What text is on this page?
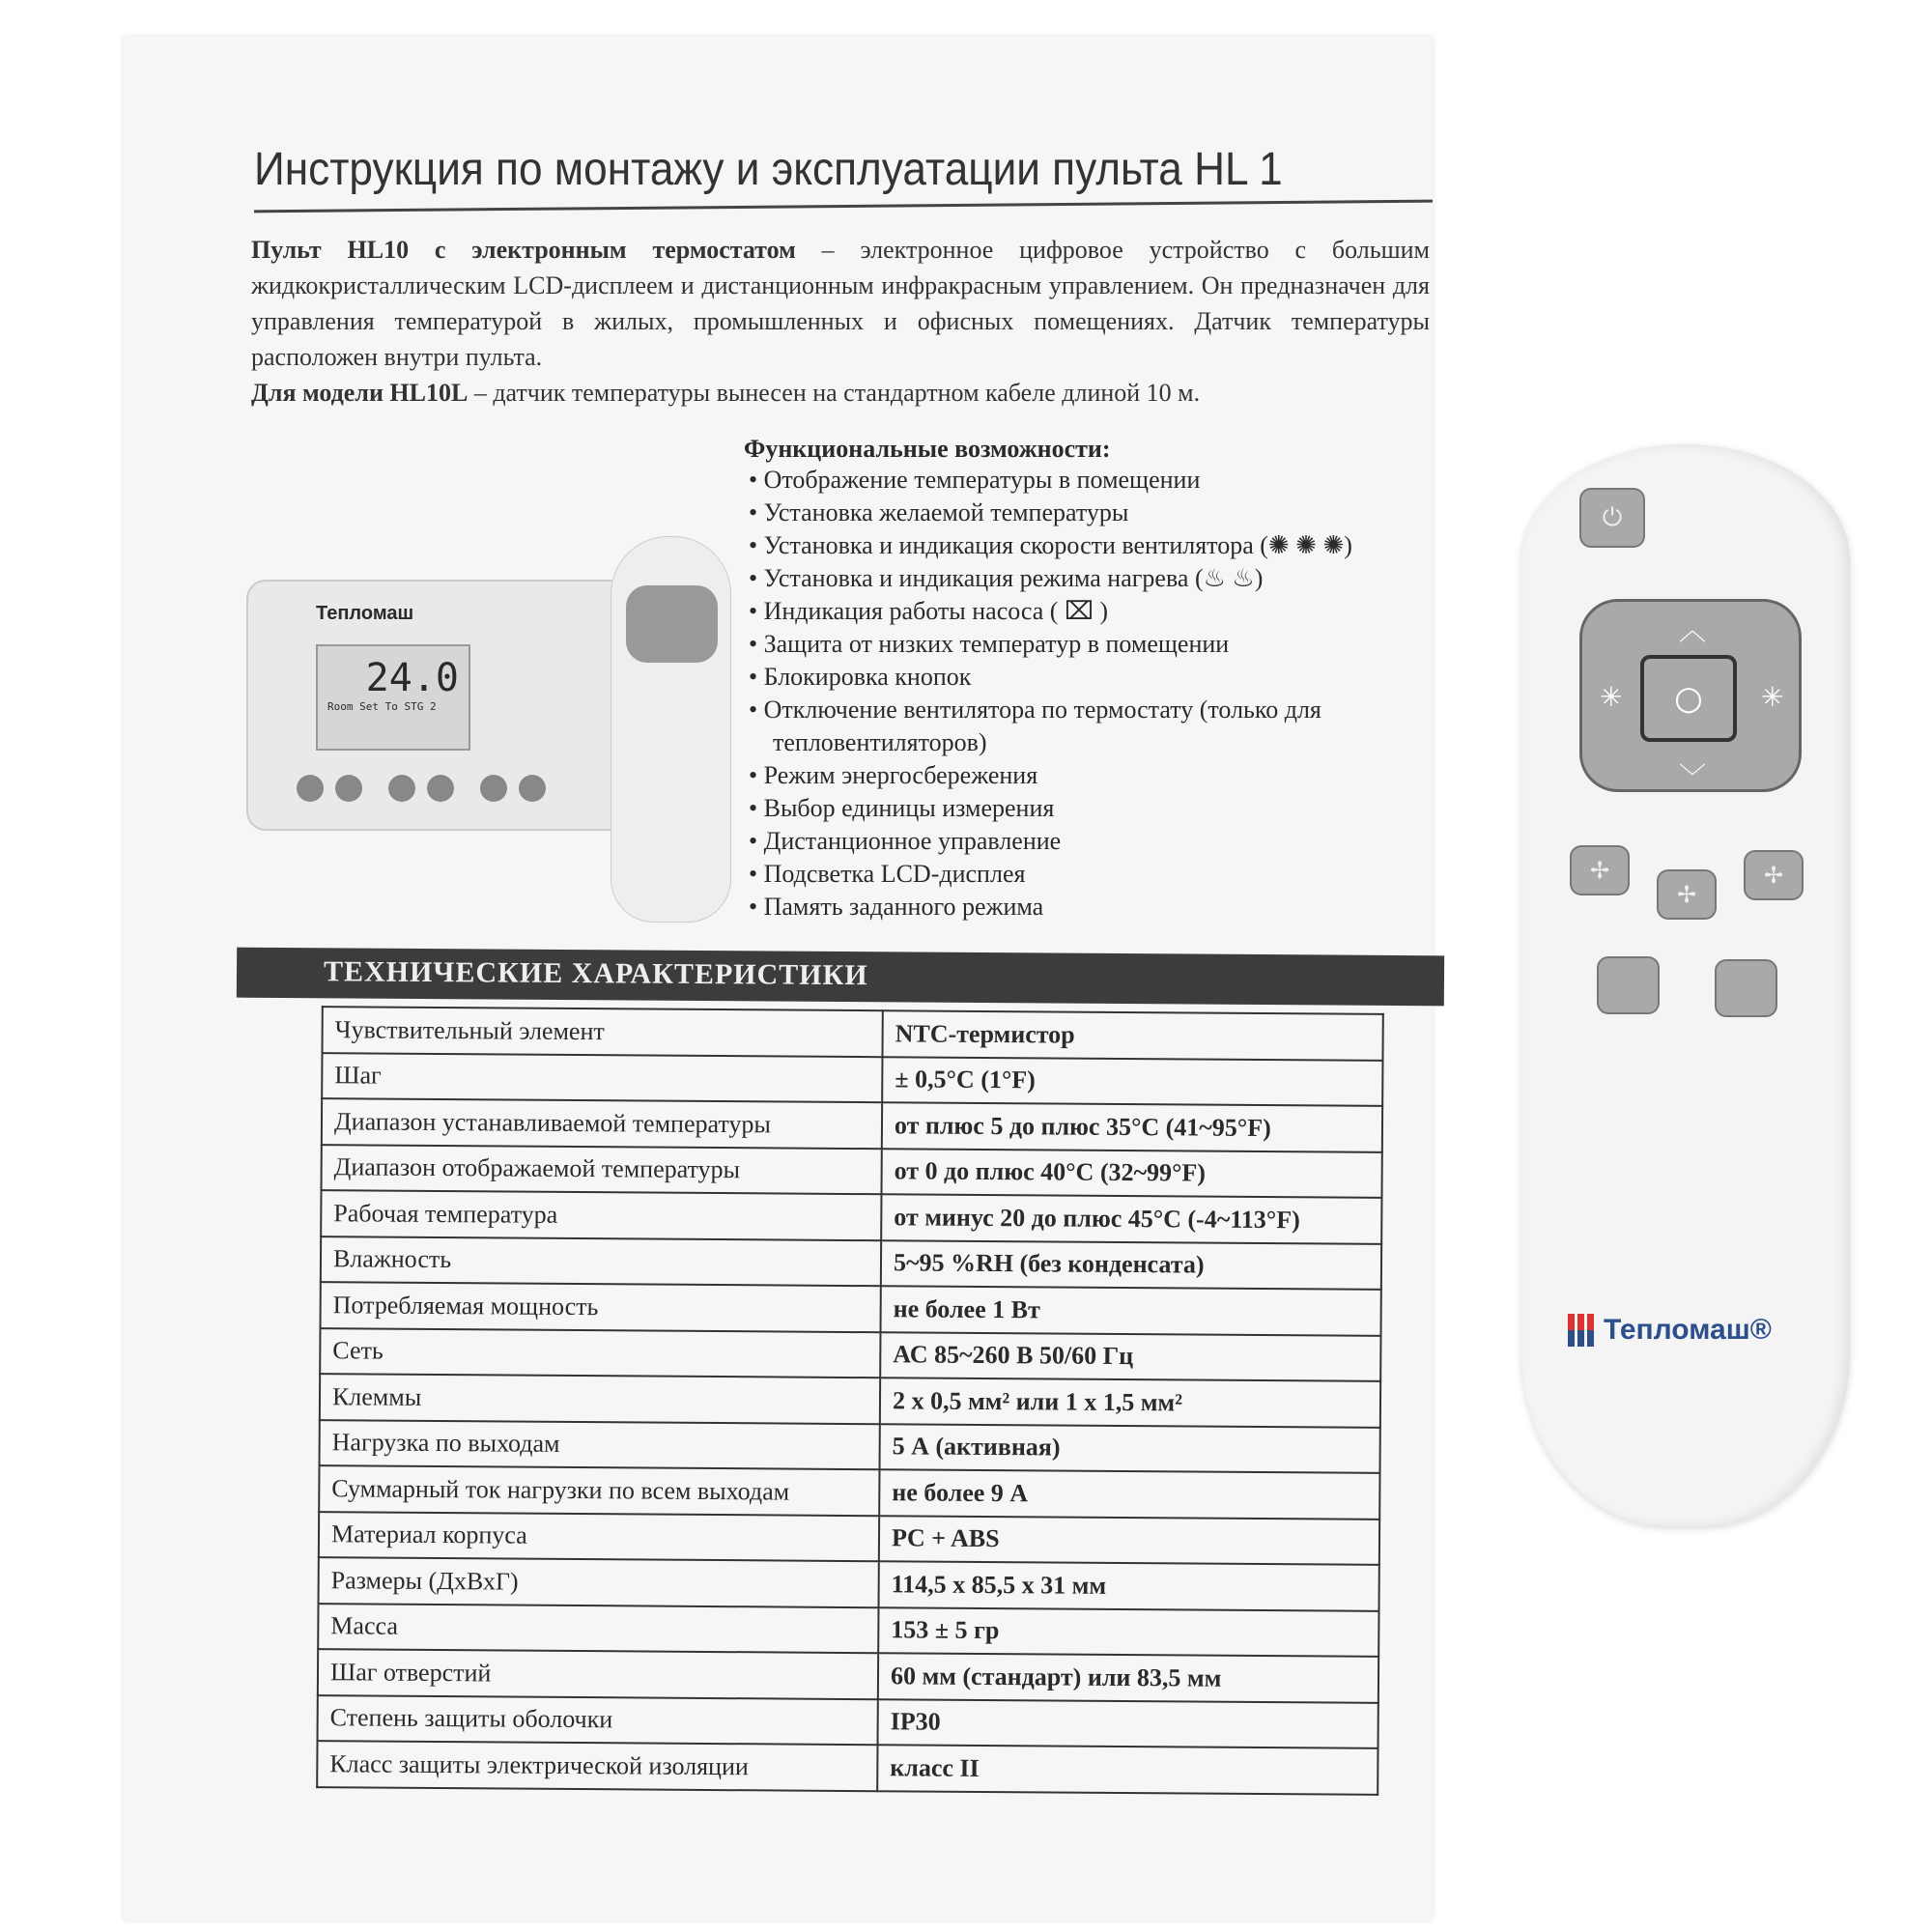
Инструкция по монтажу и эксплуатации пульта HL 1

Пульт HL10 с электронным термостатом – электронное цифровое устройство с большим жидкокристаллическим LCD-дисплеем и дистанционным инфракрасным управлением. Он предназначен для управления температурой в жилых, промышленных и офисных помещениях. Датчик температуры расположен внутри пульта.
Для модели HL10L – датчик температуры вынесен на стандартном кабеле длиной 10 м.

Функциональные возможности:
• Отображение температуры в помещении
• Установка желаемой температуры
• Установка и индикация скорости вентилятора (✺ ✺ ✺)
• Установка и индикация режима нагрева (♨ ♨)
• Индикация работы насоса ( ⌧ )
• Защита от низких температур в помещении
• Блокировка кнопок
• Отключение вентилятора по термостату (только для тепловентиляторов)
• Режим энергосбережения
• Выбор единицы измерения
• Дистанционное управление
• Подсветка LCD-дисплея
• Память заданного режима
Тепломаш
24.0
Room Set To STG 2
ТЕХНИЧЕСКИЕ ХАРАКТЕРИСТИКИ
Чувствительный элемент	NTC-термистор
Шаг	± 0,5°С (1°F)
Диапазон устанавливаемой температуры	от плюс 5 до плюс 35°С (41~95°F)
Диапазон отображаемой температуры	от 0 до плюс 40°С (32~99°F)
Рабочая температура	от минус 20 до плюс 45°С (-4~113°F)
Влажность	5~95 %RH (без конденсата)
Потребляемая мощность	не более 1 Вт
Сеть	АС 85~260 В 50/60 Гц
Клеммы	2 х 0,5 мм² или 1 х 1,5 мм²
Нагрузка по выходам	5 А (активная)
Суммарный ток нагрузки по всем выходам	не более 9 А
Материал корпуса	PC + ABS
Размеры (ДхВхГ)	114,5 х 85,5 х 31 мм
Масса	153 ± 5 гр
Шаг отверстий	60 мм (стандарт) или 83,5 мм
Степень защиты оболочки	IP30
Класс защиты электрической изоляции	класс II
⏻
︿
﹀
✳	✳
○
✢
✢
✢
Тепломаш®
